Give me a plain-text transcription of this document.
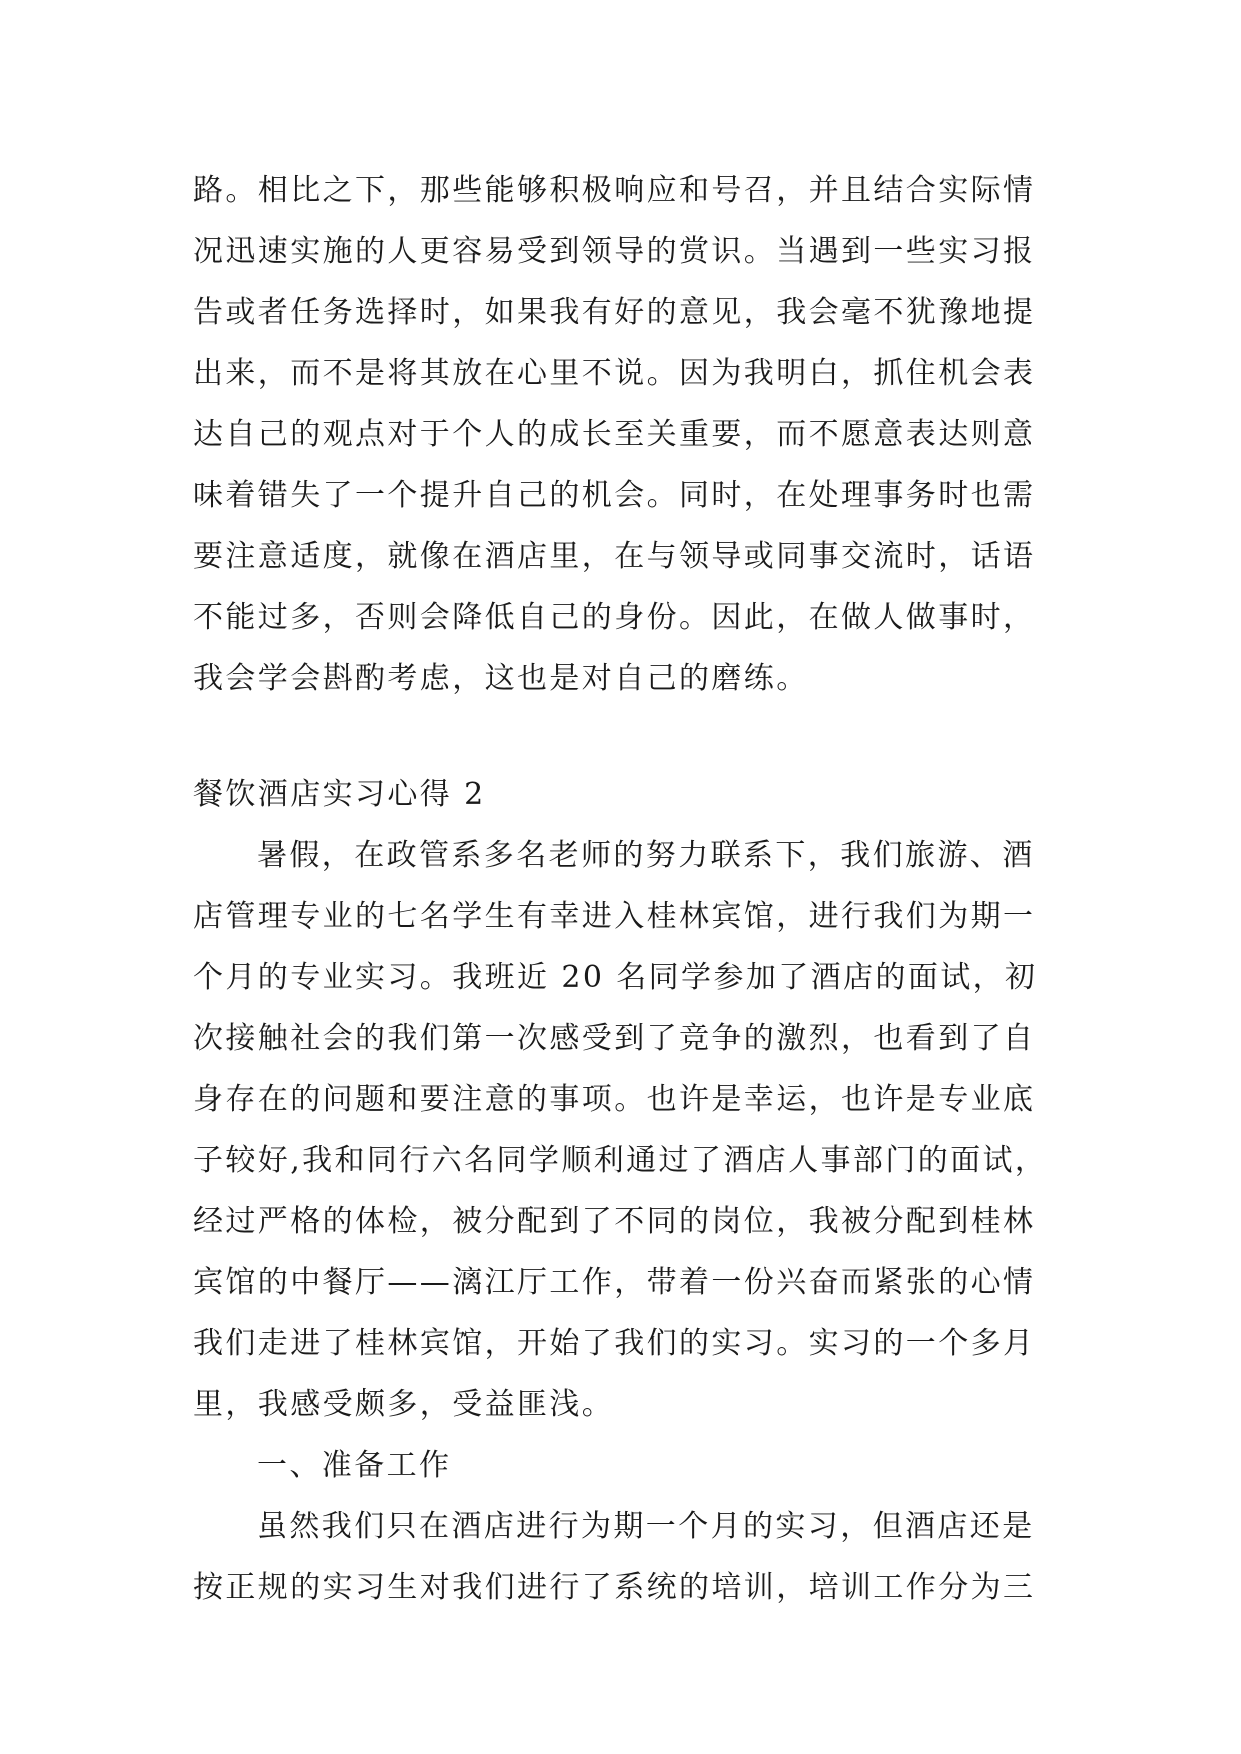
路。相比之下，那些能够积极响应和号召，并且结合实际情
况迅速实施的人更容易受到领导的赏识。当遇到一些实习报
告或者任务选择时，如果我有好的意见，我会毫不犹豫地提
出来，而不是将其放在心里不说。因为我明白，抓住机会表
达自己的观点对于个人的成长至关重要，而不愿意表达则意
味着错失了一个提升自己的机会。同时，在处理事务时也需
要注意适度，就像在酒店里，在与领导或同事交流时，话语
不能过多，否则会降低自己的身份。因此，在做人做事时，
我会学会斟酌考虑，这也是对自己的磨练。
餐饮酒店实习心得 2
暑假，在政管系多名老师的努力联系下，我们旅游、酒
店管理专业的七名学生有幸进入桂林宾馆，进行我们为期一
个月的专业实习。我班近 20 名同学参加了酒店的面试，初
次接触社会的我们第一次感受到了竞争的激烈，也看到了自
身存在的问题和要注意的事项。也许是幸运，也许是专业底
子较好,我和同行六名同学顺利通过了酒店人事部门的面试，
经过严格的体检，被分配到了不同的岗位，我被分配到桂林
宾馆的中餐厅——漓江厅工作，带着一份兴奋而紧张的心情
我们走进了桂林宾馆，开始了我们的实习。实习的一个多月
里，我感受颇多，受益匪浅。
一、准备工作
虽然我们只在酒店进行为期一个月的实习，但酒店还是
按正规的实习生对我们进行了系统的培训，培训工作分为三
